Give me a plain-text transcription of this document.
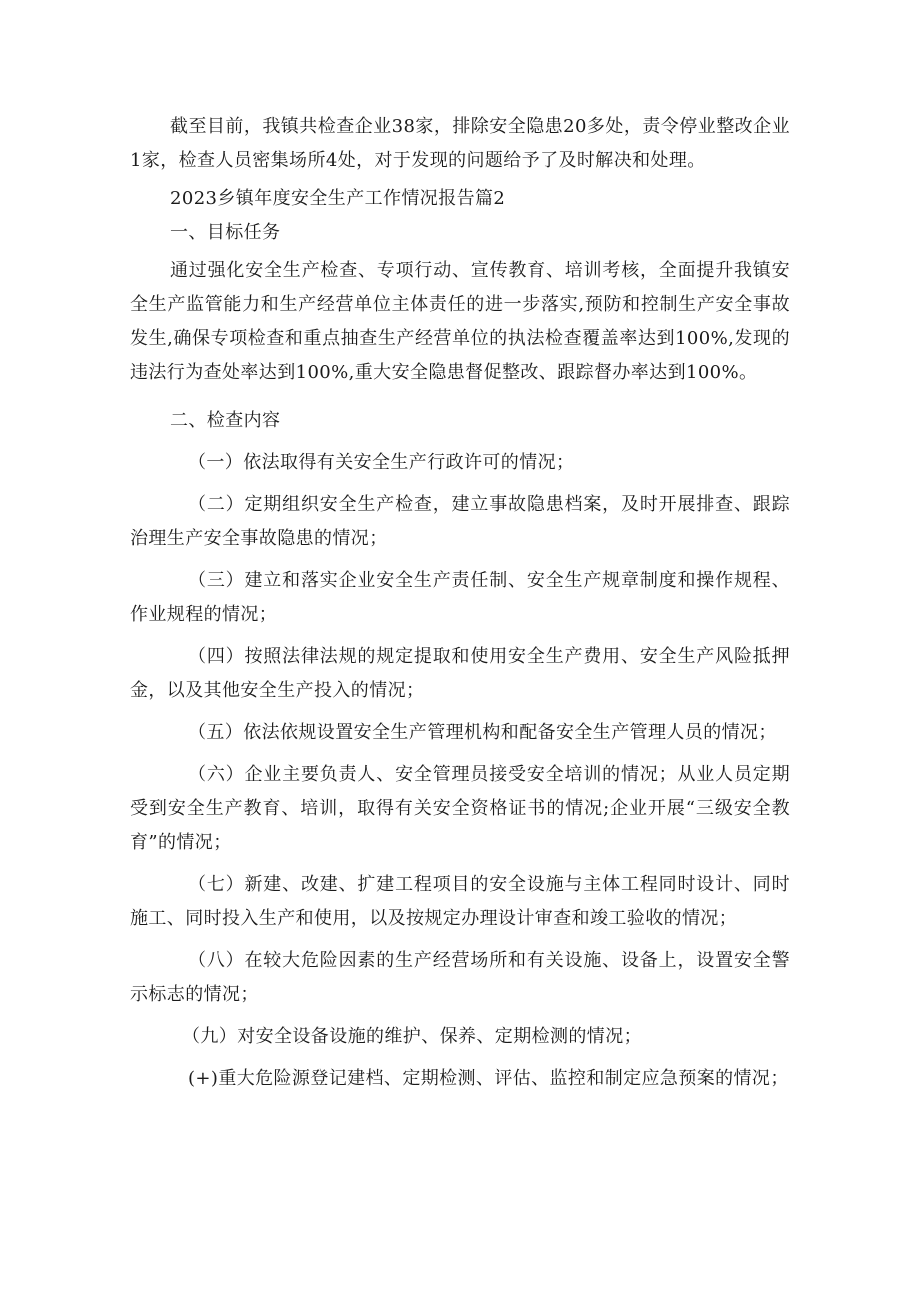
截至目前，我镇共检查企业38家，排除安全隐患20多处，责令停业整改企业1家，检查人员密集场所4处，对于发现的问题给予了及时解决和处理。

2023乡镇年度安全生产工作情况报告篇2

一、目标任务

通过强化安全生产检查、专项行动、宣传教育、培训考核，全面提升我镇安全生产监管能力和生产经营单位主体责任的进一步落实,预防和控制生产安全事故发生,确保专项检查和重点抽查生产经营单位的执法检查覆盖率达到100%,发现的违法行为查处率达到100%,重大安全隐患督促整改、跟踪督办率达到100%。

二、检查内容

（一）依法取得有关安全生产行政许可的情况；

（二）定期组织安全生产检查，建立事故隐患档案，及时开展排查、跟踪治理生产安全事故隐患的情况；

（三）建立和落实企业安全生产责任制、安全生产规章制度和操作规程、作业规程的情况；

（四）按照法律法规的规定提取和使用安全生产费用、安全生产风险抵押金，以及其他安全生产投入的情况；

（五）依法依规设置安全生产管理机构和配备安全生产管理人员的情况；

（六）企业主要负责人、安全管理员接受安全培训的情况；从业人员定期受到安全生产教育、培训，取得有关安全资格证书的情况;企业开展“三级安全教育”的情况；

（七）新建、改建、扩建工程项目的安全设施与主体工程同时设计、同时施工、同时投入生产和使用，以及按规定办理设计审查和竣工验收的情况；

（八）在较大危险因素的生产经营场所和有关设施、设备上，设置安全警示标志的情况；

（九）对安全设备设施的维护、保养、定期检测的情况；

(+)重大危险源登记建档、定期检测、评估、监控和制定应急预案的情况；
